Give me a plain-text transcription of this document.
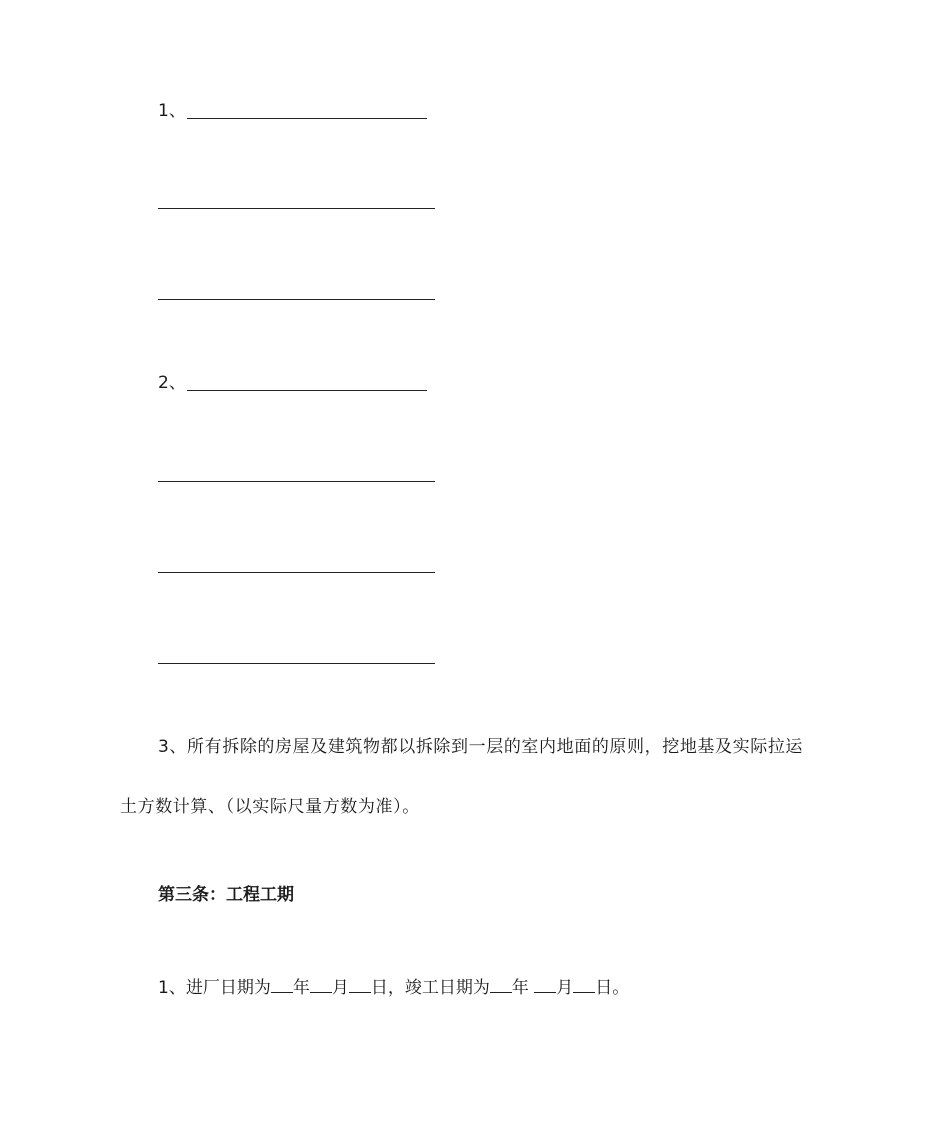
1、
2、
3、所有拆除的房屋及建筑物都以拆除到一层的室内地面的原则，挖地基及实际拉运
土方数计算、（以实际尺量方数为准）。
第三条：工程工期
1、进厂日期为 年 月 日，竣工日期为 年 月 日。
